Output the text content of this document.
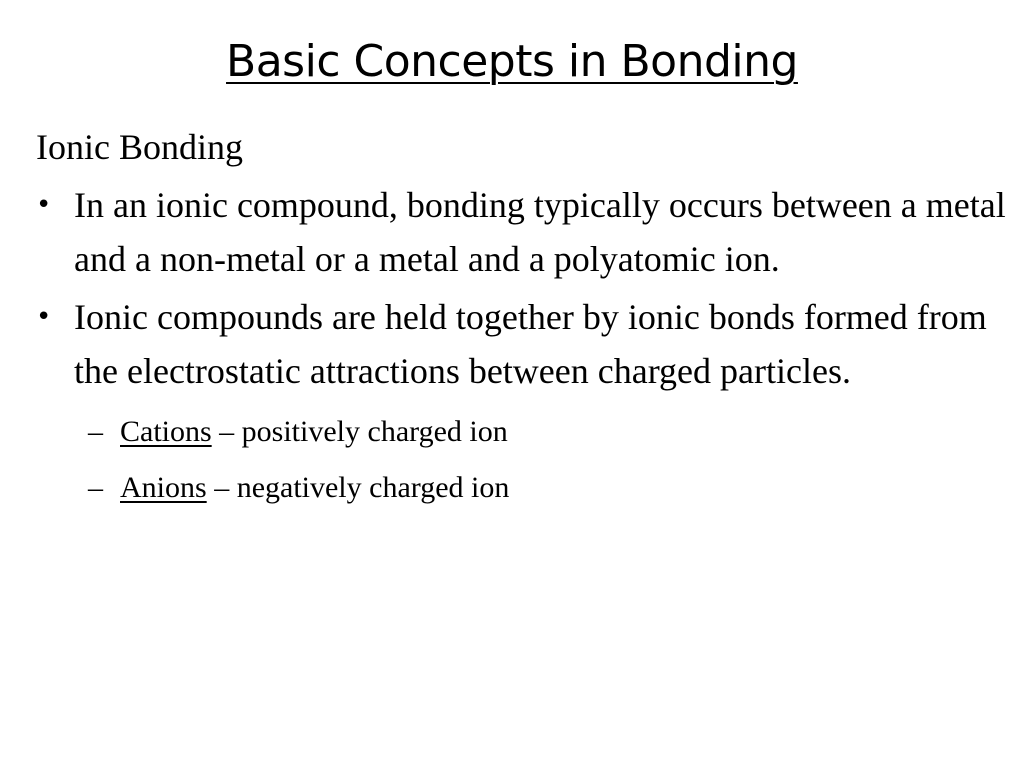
Basic Concepts in Bonding
Ionic Bonding
• In an ionic compound, bonding typically occurs between a metal and a non-metal or a metal and a polyatomic ion.
• Ionic compounds are held together by ionic bonds formed from the electrostatic attractions between charged particles.
– Cations – positively charged ion
– Anions – negatively charged ion
